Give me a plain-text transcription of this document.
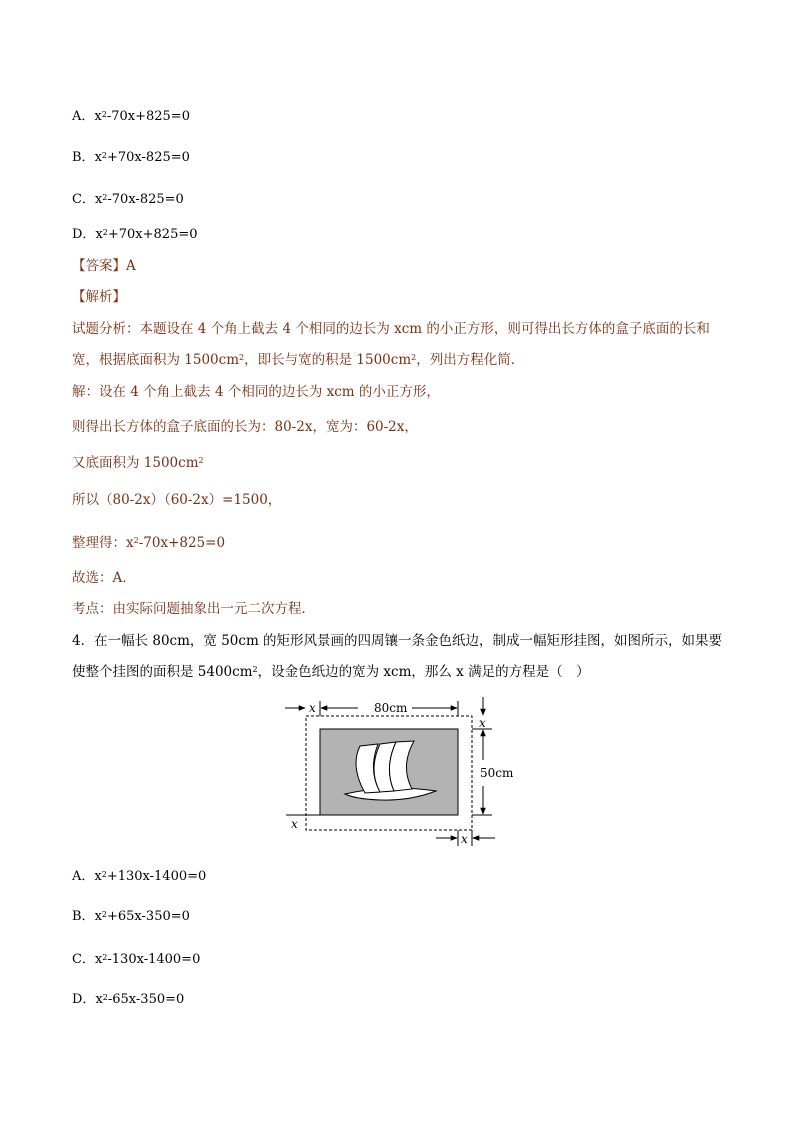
A．$x^2-70x+825=0$
B．$x^2+70x-825=0$
C．$x^2-70x-825=0$
D．$x^2+70x+825=0$
【答案】A
【解析】
试题分析：本题设在 4 个角上截去 4 个相同的边长为 xcm 的小正方形，则可得出长方体的盒子底面的长和
宽，根据底面积为 $1500cm^2$，即长与宽的积是 $1500cm^2$，列出方程化简．
解：设在 4 个角上截去 4 个相同的边长为 xcm 的小正方形，
则得出长方体的盒子底面的长为：80-2x，宽为：60-2x，
又底面积为 $1500cm^2$
所以（80-2x）（60-2x）=1500，
整理得：$x^2-70x+825=0$
故选：A．
考点：由实际问题抽象出一元二次方程．
4．在一幅长 80cm，宽 50cm 的矩形风景画的四周镶一条金色纸边，制成一幅矩形挂图，如图所示，如果要
使整个挂图的面积是 $5400cm^2$，设金色纸边的宽为 xcm，那么 x 满足的方程是（　）
80cm
50cm
x
x
x
x
A．$x^2+130x-1400=0$
B．$x^2+65x-350=0$
C．$x^2-130x-1400=0$
D．$x^2-65x-350=0$
